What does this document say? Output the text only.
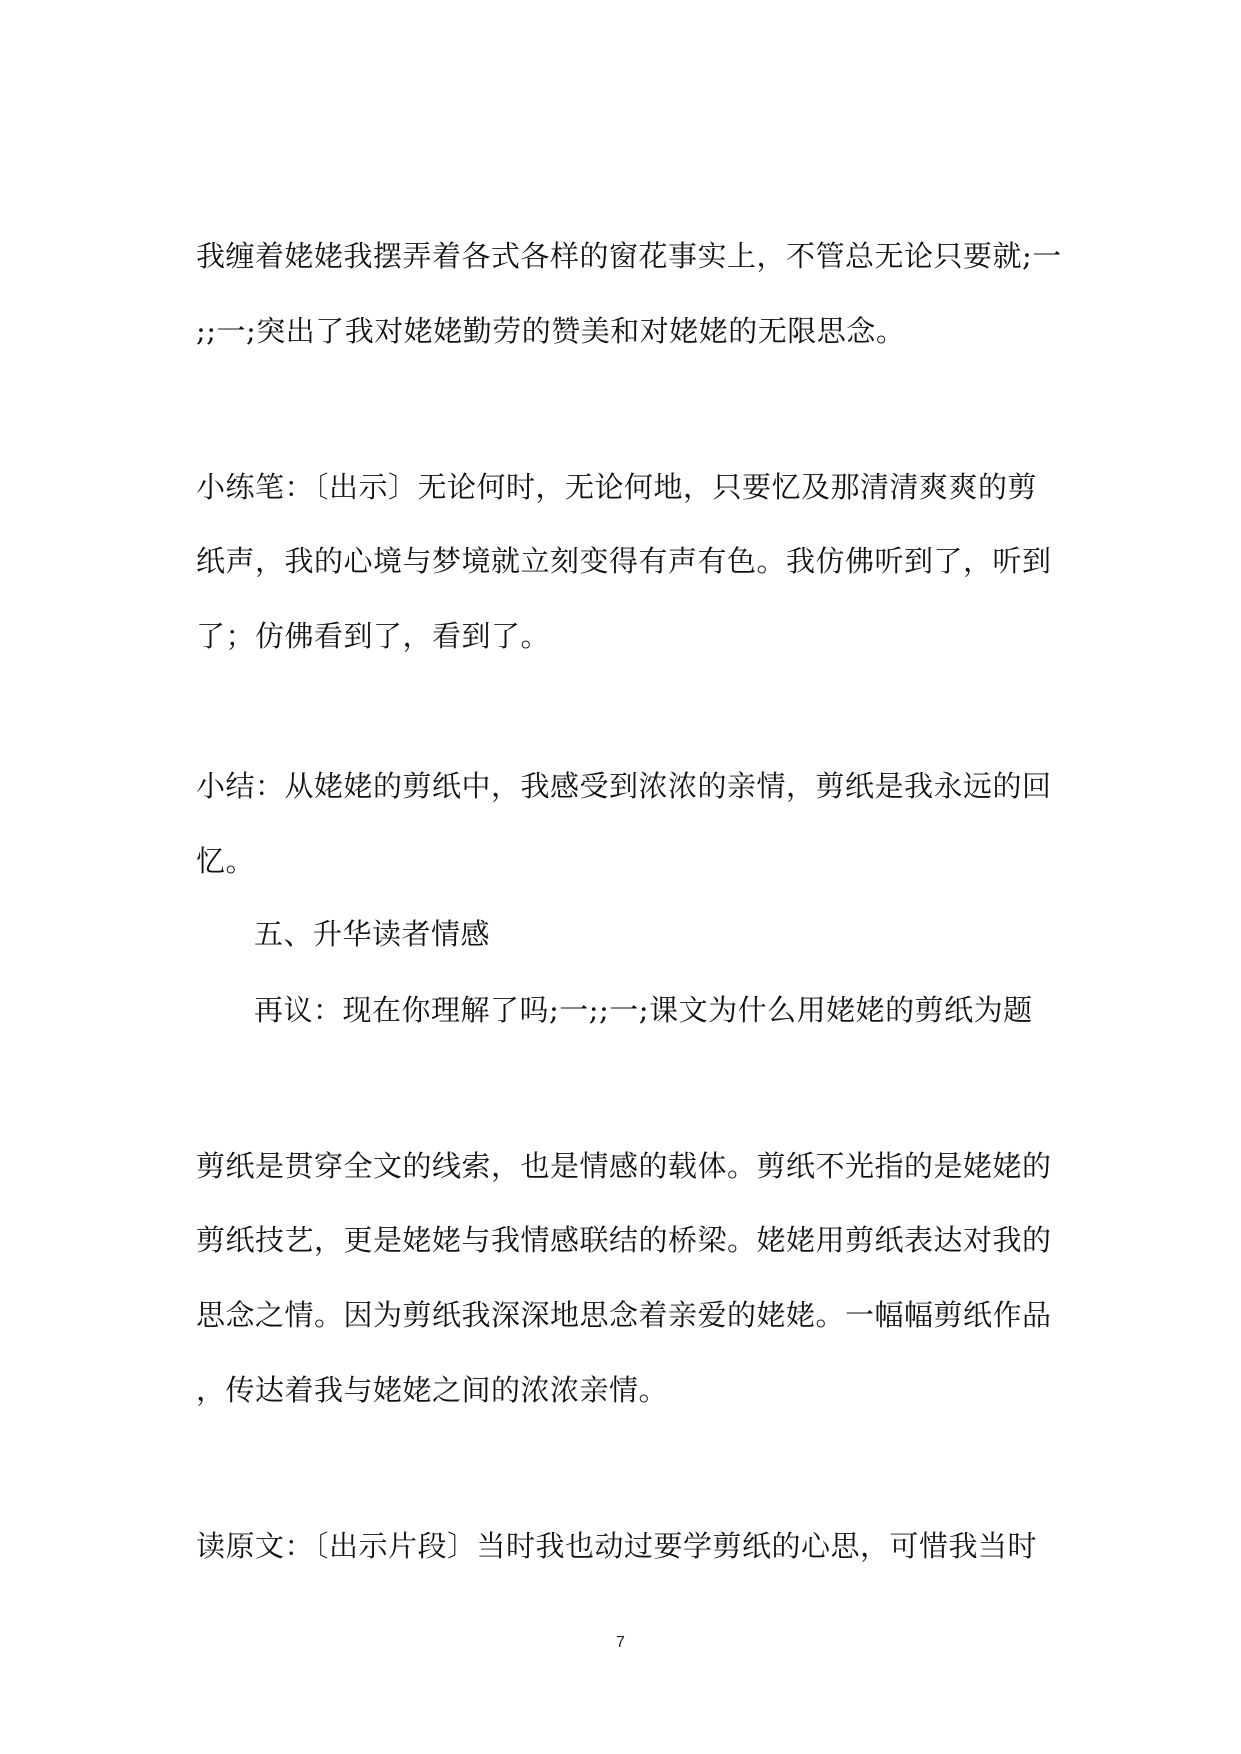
我缠着姥姥我摆弄着各式各样的窗花事实上，不管总无论只要就;一
;;一;突出了我对姥姥勤劳的赞美和对姥姥的无限思念。
小练笔：〔出示〕无论何时，无论何地，只要忆及那清清爽爽的剪
纸声，我的心境与梦境就立刻变得有声有色。我仿佛听到了，听到
了；仿佛看到了，看到了。
小结：从姥姥的剪纸中，我感受到浓浓的亲情，剪纸是我永远的回
忆。
五、升华读者情感
再议：现在你理解了吗;一;;一;课文为什么用姥姥的剪纸为题
剪纸是贯穿全文的线索，也是情感的载体。剪纸不光指的是姥姥的
剪纸技艺，更是姥姥与我情感联结的桥梁。姥姥用剪纸表达对我的
思念之情。因为剪纸我深深地思念着亲爱的姥姥。一幅幅剪纸作品
，传达着我与姥姥之间的浓浓亲情。
读原文：〔出示片段〕当时我也动过要学剪纸的心思，可惜我当时
7
